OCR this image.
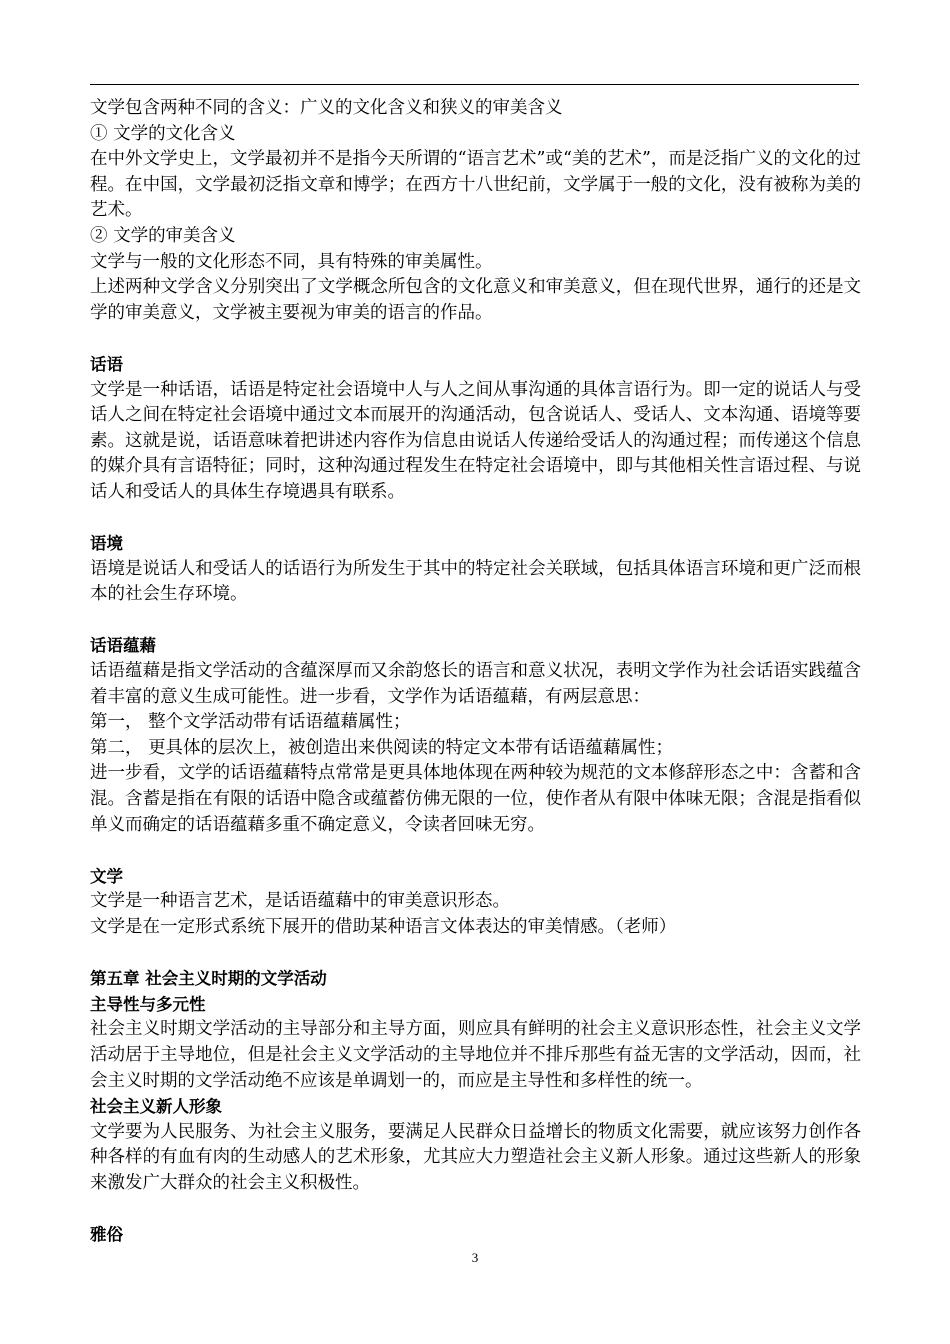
文学包含两种不同的含义：广义的文化含义和狭义的审美含义

① 文学的文化含义

在中外文学史上，文学最初并不是指今天所谓的“语言艺术”或“美的艺术”，而是泛指广义的文化的过程。在中国，文学最初泛指文章和博学；在西方十八世纪前，文学属于一般的文化，没有被称为美的艺术。

② 文学的审美含义

文学与一般的文化形态不同，具有特殊的审美属性。

上述两种文学含义分别突出了文学概念所包含的文化意义和审美意义，但在现代世界，通行的还是文学的审美意义，文学被主要视为审美的语言的作品。

话语

文学是一种话语，话语是特定社会语境中人与人之间从事沟通的具体言语行为。即一定的说话人与受话人之间在特定社会语境中通过文本而展开的沟通活动，包含说话人、受话人、文本沟通、语境等要素。这就是说，话语意味着把讲述内容作为信息由说话人传递给受话人的沟通过程；而传递这个信息的媒介具有言语特征；同时，这种沟通过程发生在特定社会语境中，即与其他相关性言语过程、与说话人和受话人的具体生存境遇具有联系。

语境

语境是说话人和受话人的话语行为所发生于其中的特定社会关联域，包括具体语言环境和更广泛而根本的社会生存环境。

话语蕴藉

话语蕴藉是指文学活动的含蕴深厚而又余韵悠长的语言和意义状况，表明文学作为社会话语实践蕴含着丰富的意义生成可能性。进一步看，文学作为话语蕴藉，有两层意思：

第一， 整个文学活动带有话语蕴藉属性；

第二， 更具体的层次上，被创造出来供阅读的特定文本带有话语蕴藉属性；

进一步看，文学的话语蕴藉特点常常是更具体地体现在两种较为规范的文本修辞形态之中：含蓄和含混。含蓄是指在有限的话语中隐含或蕴蓄仿佛无限的一位，使作者从有限中体味无限；含混是指看似单义而确定的话语蕴藉多重不确定意义，令读者回味无穷。

文学

文学是一种语言艺术，是话语蕴藉中的审美意识形态。

文学是在一定形式系统下展开的借助某种语言文体表达的审美情感。（老师）

第五章 社会主义时期的文学活动

主导性与多元性

社会主义时期文学活动的主导部分和主导方面，则应具有鲜明的社会主义意识形态性，社会主义文学活动居于主导地位，但是社会主义文学活动的主导地位并不排斥那些有益无害的文学活动，因而，社会主义时期的文学活动绝不应该是单调划一的，而应是主导性和多样性的统一。

社会主义新人形象

文学要为人民服务、为社会主义服务，要满足人民群众日益增长的物质文化需要，就应该努力创作各种各样的有血有肉的生动感人的艺术形象，尤其应大力塑造社会主义新人形象。通过这些新人的形象来激发广大群众的社会主义积极性。

雅俗

3
